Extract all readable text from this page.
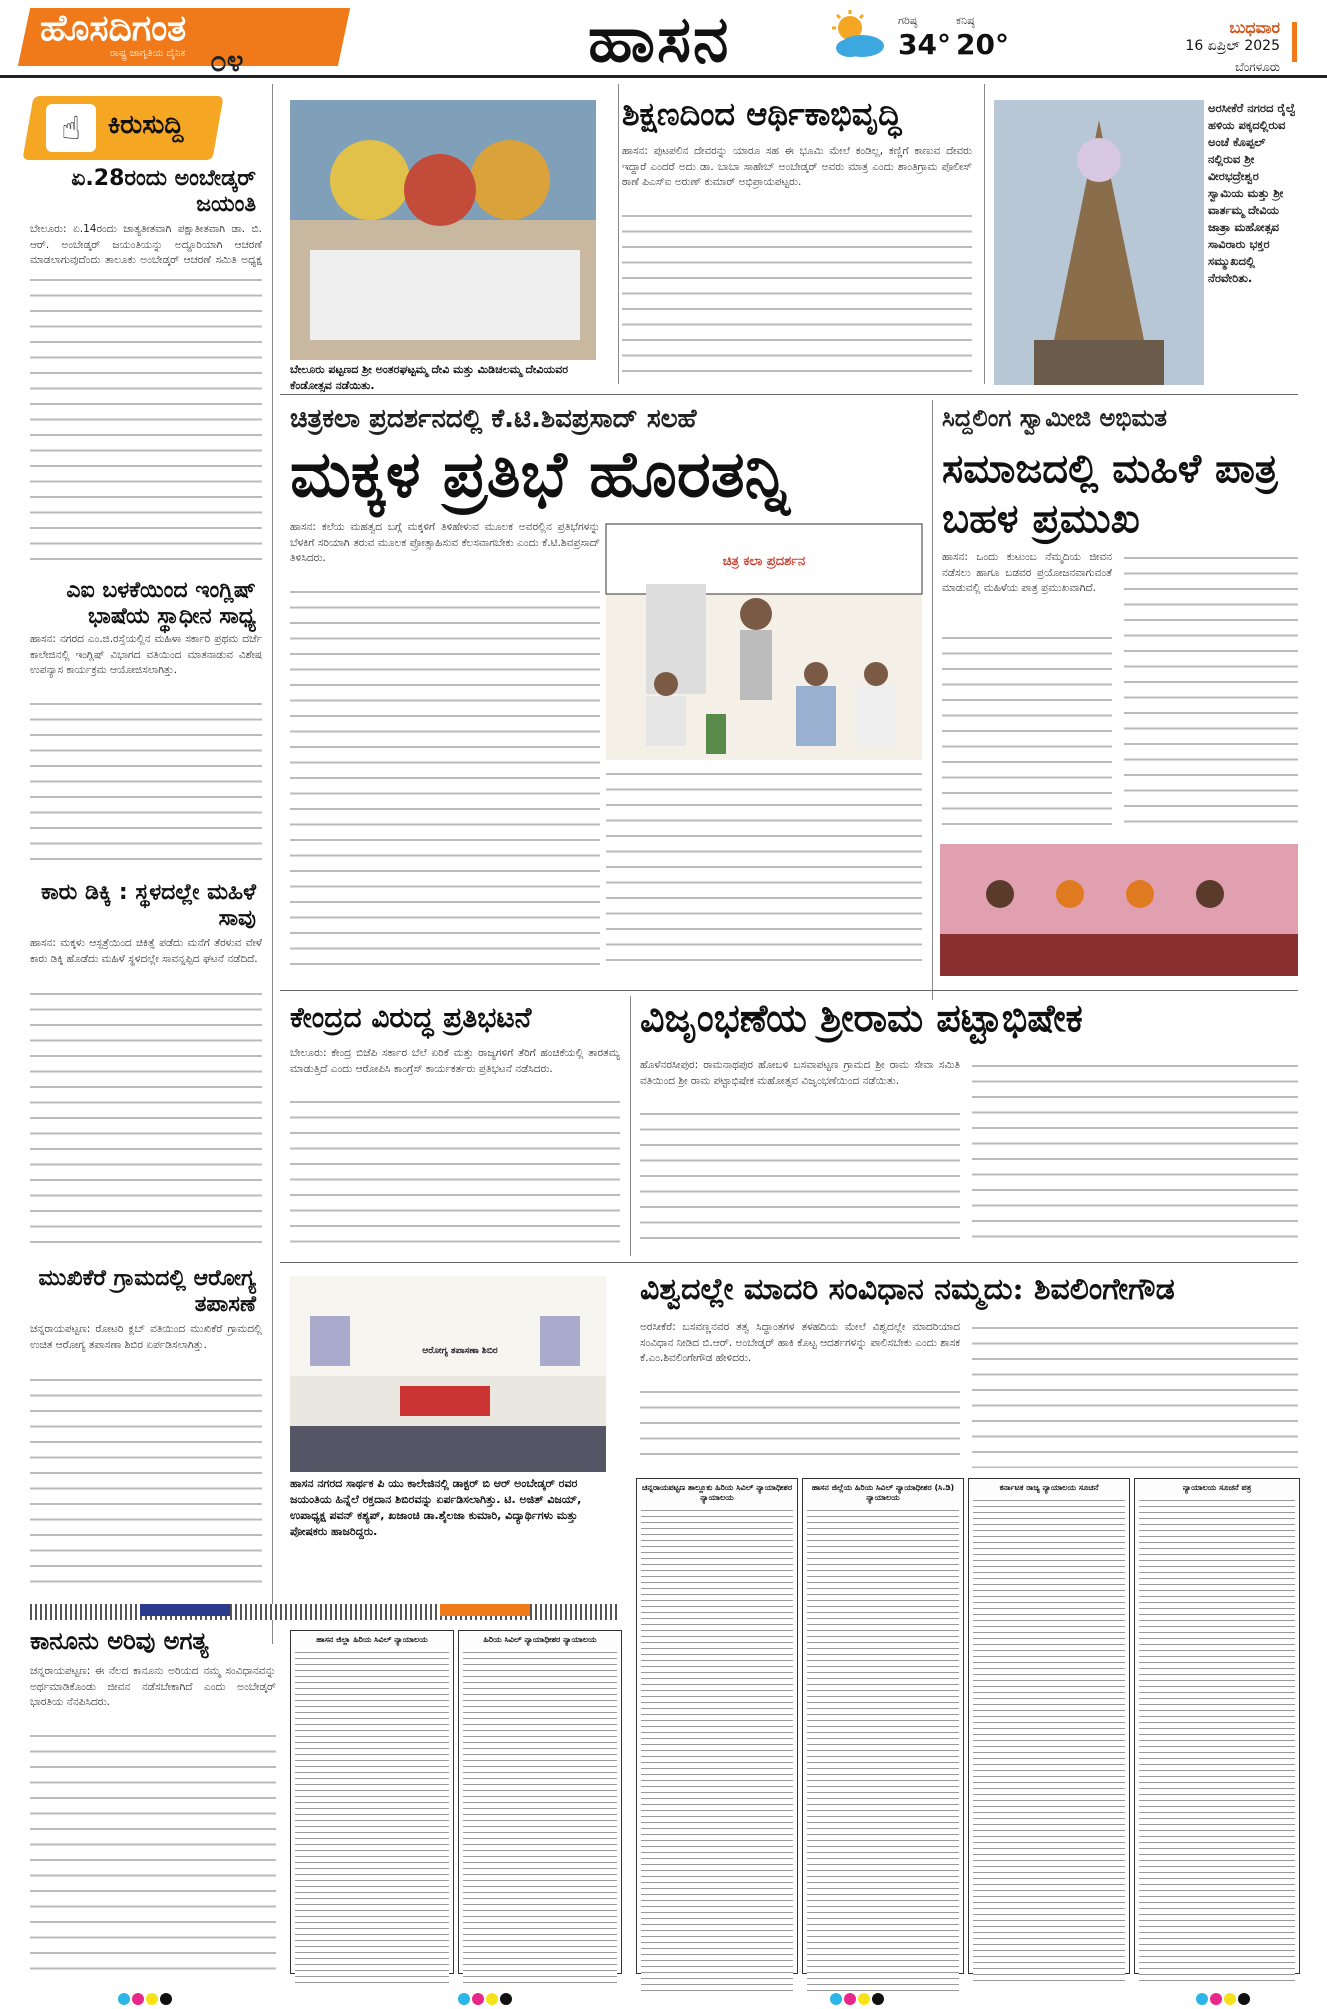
ಹೊಸದಿಗಂತ
ರಾಷ್ಟ್ರ ಜಾಗೃತಿಯ ದೈನಿಕ ೦೪	ಹಾಸನ	ಗರಿಷ್ಠ
34°
ಕನಿಷ್ಠ
20°
ಬುಧವಾರ
16 ಏಪ್ರಿಲ್ 2025
ಬೆಂಗಳೂರು
☝	ಕಿರುಸುದ್ದಿ
ಏ.28ರಂದು ಅಂಬೇಡ್ಕರ್ ಜಯಂತಿ
ಬೇಲೂರು: ಏ.14ರಂದು ಜಾತ್ಯತೀತವಾಗಿ ಪಕ್ಷಾತೀತವಾಗಿ ಡಾ. ಬಿ. ಆರ್. ಅಂಬೇಡ್ಕರ್ ಜಯಂತಿಯನ್ನು ಅದ್ದೂರಿಯಾಗಿ ಆಚರಣೆ ಮಾಡಲಾಗುವುದೆಂದು ತಾಲೂಕು ಅಂಬೇಡ್ಕರ್ ಆಚರಣೆ ಸಮಿತಿ ಅಧ್ಯಕ್ಷ
ಎಐ ಬಳಕೆಯಿಂದ ಇಂಗ್ಲಿಷ್ ಭಾಷೆಯ ಸ್ಥಾಧೀನ ಸಾಧ್ಯ
ಹಾಸನ: ನಗರದ ಎಂ.ಜಿ.ರಸ್ತೆಯಲ್ಲಿನ ಮಹಿಳಾ ಸರ್ಕಾರಿ ಪ್ರಥಮ ದರ್ಜೆ ಕಾಲೇಜಿನಲ್ಲಿ ಇಂಗ್ಲಿಷ್ ವಿಭಾಗದ ವತಿಯಿಂದ ಮಾತನಾಡುವ ವಿಶೇಷ ಉಪನ್ಯಾಸ ಕಾರ್ಯಕ್ರಮ ಆಯೋಜಿಸಲಾಗಿತ್ತು.
ಕಾರು ಡಿಕ್ಕಿ : ಸ್ಥಳದಲ್ಲೇ ಮಹಿಳೆ ಸಾವು
ಹಾಸನ: ಮಕ್ಕಳು ಆಸ್ಪತ್ರೆಯಿಂದ ಚಿಕಿತ್ಸೆ ಪಡೆದು ಮನೆಗೆ ತೆರಳುವ ವೇಳೆ ಕಾರು ಡಿಕ್ಕಿ ಹೊಡೆದು ಮಹಿಳೆ ಸ್ಥಳದಲ್ಲೇ ಸಾವನ್ನಪ್ಪಿದ ಘಟನೆ ನಡೆದಿದೆ.
ಮುಖಿಕೆರೆ ಗ್ರಾಮದಲ್ಲಿ ಆರೋಗ್ಯ ತಪಾಸಣೆ
ಚನ್ನರಾಯಪಟ್ಟಣ: ರೋಟರಿ ಕ್ಲಬ್ ವತಿಯಿಂದ ಮುಖಿಕೆರೆ ಗ್ರಾಮದಲ್ಲಿ ಉಚಿತ ಆರೋಗ್ಯ ತಪಾಸಣಾ ಶಿಬಿರ ಏರ್ಪಡಿಸಲಾಗಿತ್ತು.
ಕಾನೂನು ಅರಿವು ಅಗತ್ಯ
ಚನ್ನರಾಯಪಟ್ಟಣ: ಈ ನೆಲದ ಕಾನೂನು ಅರಿಯದ ನಮ್ಮ ಸಂವಿಧಾನವನ್ನು ಅರ್ಥಮಾಡಿಕೊಂಡು ಜೀವನ ನಡೆಸಬೇಕಾಗಿದೆ ಎಂದು ಅಂಬೇಡ್ಕರ್ ಭಾರತಿಯ ನೆನಪಿಸಿದರು.
ಬೇಲೂರು ಪಟ್ಟಣದ ಶ್ರೀ ಅಂತರಘಟ್ಟಮ್ಮ ದೇವಿ ಮತ್ತು ಮಿಡಿಚಲಮ್ಮ ದೇವಿಯವರ ಕೆಂಡೋತ್ಸವ ನಡೆಯಿತು.
ಶಿಕ್ಷಣದಿಂದ ಆರ್ಥಿಕಾಭಿವೃದ್ಧಿ
ಹಾಸನ: ಪುಟಪಲಿನ ದೇವರನ್ನು ಯಾರೂ ಸಹ ಈ ಭೂಮಿ ಮೇಲೆ ಕಂಡಿಲ್ಲ, ಕಣ್ಣಿಗೆ ಕಾಣುವ ದೇವರು ಇದ್ದಾರೆ ಎಂದರೆ ಅದು ಡಾ. ಬಾಬಾ ಸಾಹೇಬ್ ಅಂಬೇಡ್ಕರ್ ಅವರು ಮಾತ್ರ ಎಂದು ಶಾಂತಿಗ್ರಾಮ ಪೊಲೀಸ್ ಠಾಣೆ ಪಿಎಸ್‌ಐ ಅರುಣ್ ಕುಮಾರ್ ಅಭಿಪ್ರಾಯಪಟ್ಟರು.
ಅರಸೀಕೆರೆ ನಗರದ ರೈಲ್ವೆ ಹಳಿಯ ಪಕ್ಕದಲ್ಲಿರುವ ಅಂಚೆ ಕೊಪ್ಪಲ್ ನಲ್ಲಿರುವ ಶ್ರೀ ವೀರಭದ್ರೇಶ್ವರ ಸ್ವಾಮಿಯ ಮತ್ತು ಶ್ರೀ ವಾರ್ತಮ್ಮ ದೇವಿಯ ಜಾತ್ರಾ ಮಹೋತ್ಸವ ಸಾವಿರಾರು ಭಕ್ತರ ಸಮ್ಮುಖದಲ್ಲಿ ನೆರವೇರಿತು.
ಚಿತ್ರಕಲಾ ಪ್ರದರ್ಶನದಲ್ಲಿ ಕೆ.ಟಿ.ಶಿವಪ್ರಸಾದ್ ಸಲಹೆ
ಮಕ್ಕಳ ಪ್ರತಿಭೆ ಹೊರತನ್ನಿ
ಹಾಸನ: ಕಲೆಯ ಮಹತ್ವದ ಬಗ್ಗೆ ಮಕ್ಕಳಿಗೆ ತಿಳಿಹೇಳುವ ಮೂಲಕ ಅವರಲ್ಲಿನ ಪ್ರತಿಭೆಗಳನ್ನು ಬೆಳಕಿಗೆ ಸರಿಯಾಗಿ ತರುವ ಮೂಲಕ ಪ್ರೋತ್ಸಾಹಿಸುವ ಕೆಲಸವಾಗಬೇಕು ಎಂದು ಕೆ.ಟಿ.ಶಿವಪ್ರಸಾದ್ ತಿಳಿಸಿದರು.	ಚಿತ್ರ ಕಲಾ ಪ್ರದರ್ಶನ
ಸಿದ್ದಲಿಂಗ ಸ್ವಾಮೀಜಿ ಅಭಿಮತ
ಸಮಾಜದಲ್ಲಿ ಮಹಿಳೆ ಪಾತ್ರ ಬಹಳ ಪ್ರಮುಖ
ಹಾಸನ: ಒಂದು ಕುಟುಂಬ ನೆಮ್ಮದಿಯ ಜೀವನ ನಡೆಸಲು ಹಾಗೂ ಬಡವರ ಪ್ರಯೋಜನವಾಗುವಂತೆ ಮಾಡುವಲ್ಲಿ ಮಹಿಳೆಯ ಪಾತ್ರ ಪ್ರಮುಖವಾಗಿದೆ.
ಕೇಂದ್ರದ ವಿರುದ್ಧ ಪ್ರತಿಭಟನೆ
ಬೇಲೂರು: ಕೇಂದ್ರ ಬಿಜೆಪಿ ಸರ್ಕಾರ ಬೆಲೆ ಏರಿಕೆ ಮತ್ತು ರಾಜ್ಯಗಳಿಗೆ ತೆರಿಗೆ ಹಂಚಿಕೆಯಲ್ಲಿ ತಾರತಮ್ಯ ಮಾಡುತ್ತಿದೆ ಎಂದು ಆರೋಪಿಸಿ ಕಾಂಗ್ರೆಸ್ ಕಾರ್ಯಕರ್ತರು ಪ್ರತಿಭಟನೆ ನಡೆಸಿದರು.
ವಿಜೃಂಭಣೆಯ ಶ್ರೀರಾಮ ಪಟ್ಟಾಭಿಷೇಕ
ಹೊಳೆನರಸೀಪುರ: ರಾಮನಾಥಪುರ ಹೋಬಳಿ ಬಸವಾಪಟ್ಟಣ ಗ್ರಾಮದ ಶ್ರೀ ರಾಮ ಸೇವಾ ಸಮಿತಿ ವತಿಯಿಂದ ಶ್ರೀ ರಾಮ ಪಟ್ಟಾಭಿಷೇಕ ಮಹೋತ್ಸವ ವಿಜೃಂಭಣೆಯಿಂದ ನಡೆಯಿತು.
ಆರೋಗ್ಯ ತಪಾಸಣಾ ಶಿಬಿರ
ಹಾಸನ ನಗರದ ಸಾರ್ಥಕ ಪಿ ಯು ಕಾಲೇಜಿನಲ್ಲಿ ಡಾಕ್ಟರ್ ಬಿ ಆರ್ ಅಂಬೇಡ್ಕರ್ ರವರ ಜಯಂತಿಯ ಹಿನ್ನೆಲೆ ರಕ್ತದಾನ ಶಿಬಿರವನ್ನು ಏರ್ಪಡಿಸಲಾಗಿತ್ತು. ಟಿ. ಅಜಿತ್ ವಿಜಯ್, ಉಪಾಧ್ಯಕ್ಷ ಪವನ್ ಕಶ್ಯಪ್, ಖಜಾಂಚಿ ಡಾ.ಶೈಲಜಾ ಕುಮಾರಿ, ವಿದ್ಯಾರ್ಥಿಗಳು ಮತ್ತು ಪೋಷಕರು ಹಾಜರಿದ್ದರು.
ವಿಶ್ವದಲ್ಲೇ ಮಾದರಿ ಸಂವಿಧಾನ ನಮ್ಮದು: ಶಿವಲಿಂಗೇಗೌಡ
ಅರಸೀಕೆರೆ: ಬಸವಣ್ಣನವರ ತತ್ವ ಸಿದ್ಧಾಂತಗಳ ತಳಹದಿಯ ಮೇಲೆ ವಿಶ್ವದಲ್ಲೇ ಮಾದರಿಯಾದ ಸಂವಿಧಾನ ನೀಡಿದ ಬಿ.ಆರ್. ಅಂಬೇಡ್ಕರ್ ಹಾಕಿ ಕೊಟ್ಟ ಆದರ್ಶಗಳನ್ನು ಪಾಲಿಸಬೇಕು ಎಂದು ಶಾಸಕ ಕೆ.ಎಂ.ಶಿವಲಿಂಗೇಗೌಡ ಹೇಳಿದರು.
ಚನ್ನರಾಯಪಟ್ಟಣ ತಾಲ್ಲೂಕು ಹಿರಿಯ ಸಿವಿಲ್ ನ್ಯಾಯಾಧೀಶರ ನ್ಯಾಯಾಲಯ
ಹಾಸನ ಜಿಲ್ಲೆಯ ಹಿರಿಯ ಸಿವಿಲ್ ನ್ಯಾಯಾಧೀಶರ (ಸಿ.ಡಿ) ನ್ಯಾಯಾಲಯ
ಕರ್ನಾಟಕ ರಾಜ್ಯ ನ್ಯಾಯಾಲಯ ಸೂಚನೆ	ನ್ಯಾಯಾಲಯ ಸೂಚನೆ ಪತ್ರ
ಹಾಸನ ಜಿಲ್ಲಾ ಹಿರಿಯ ಸಿವಿಲ್ ನ್ಯಾಯಾಲಯ	ಹಿರಿಯ ಸಿವಿಲ್ ನ್ಯಾಯಾಧೀಶರ ನ್ಯಾಯಾಲಯ
